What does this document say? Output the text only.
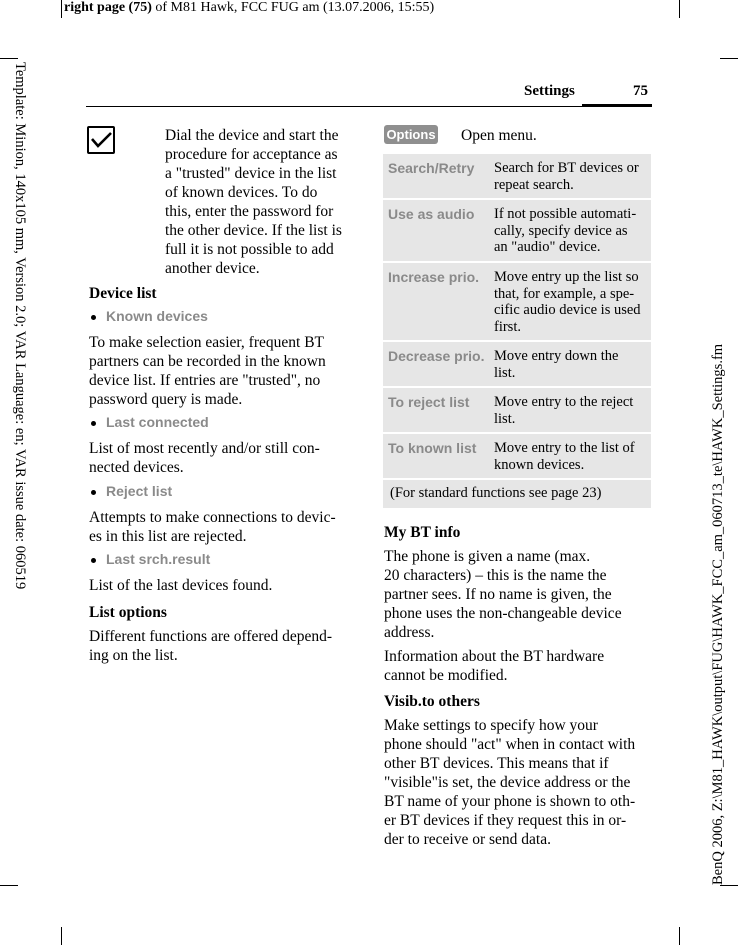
right page (75) of M81 Hawk, FCC FUG am (13.07.2006, 15:55)
Template: Minion, 140x105 mm, Version 2.0; VAR Language: en; VAR issue date: 060519
BenQ 2006, Z:\M81_HAWK\output\FUG\HAWK_FCC_am_060713_te\HAWK_Settings.fm
Settings	75
Dial the device and start the
procedure for acceptance as
a "trusted" device in the list
of known devices. To do
this, enter the password for
the other device. If the list is
full it is not possible to add
another device.
Device list
Known devices
To make selection easier, frequent BT
partners can be recorded in the known
device list. If entries are "trusted", no
password query is made.
Last connected
List of most recently and/or still con-
nected devices.
Reject list
Attempts to make connections to devic-
es in this list are rejected.
Last srch.result
List of the last devices found.
List options
Different functions are offered depend-
ing on the list.
Options Open menu.
Search/Retry Search for BT devices or
repeat search.
Use as audio If not possible automati-
cally, specify device as
an "audio" device.
Increase prio. Move entry up the list so
that, for example, a spe-
cific audio device is used
first.
Decrease prio. Move entry down the
list.
To reject list Move entry to the reject
list.
To known list Move entry to the list of
known devices.
(For standard functions see page 23)
My BT info
The phone is given a name (max.
20 characters) – this is the name the
partner sees. If no name is given, the
phone uses the non-changeable device
address.
Information about the BT hardware
cannot be modified.
Visib.to others
Make settings to specify how your
phone should "act" when in contact with
other BT devices. This means that if
"visible"is set, the device address or the
BT name of your phone is shown to oth-
er BT devices if they request this in or-
der to receive or send data.
